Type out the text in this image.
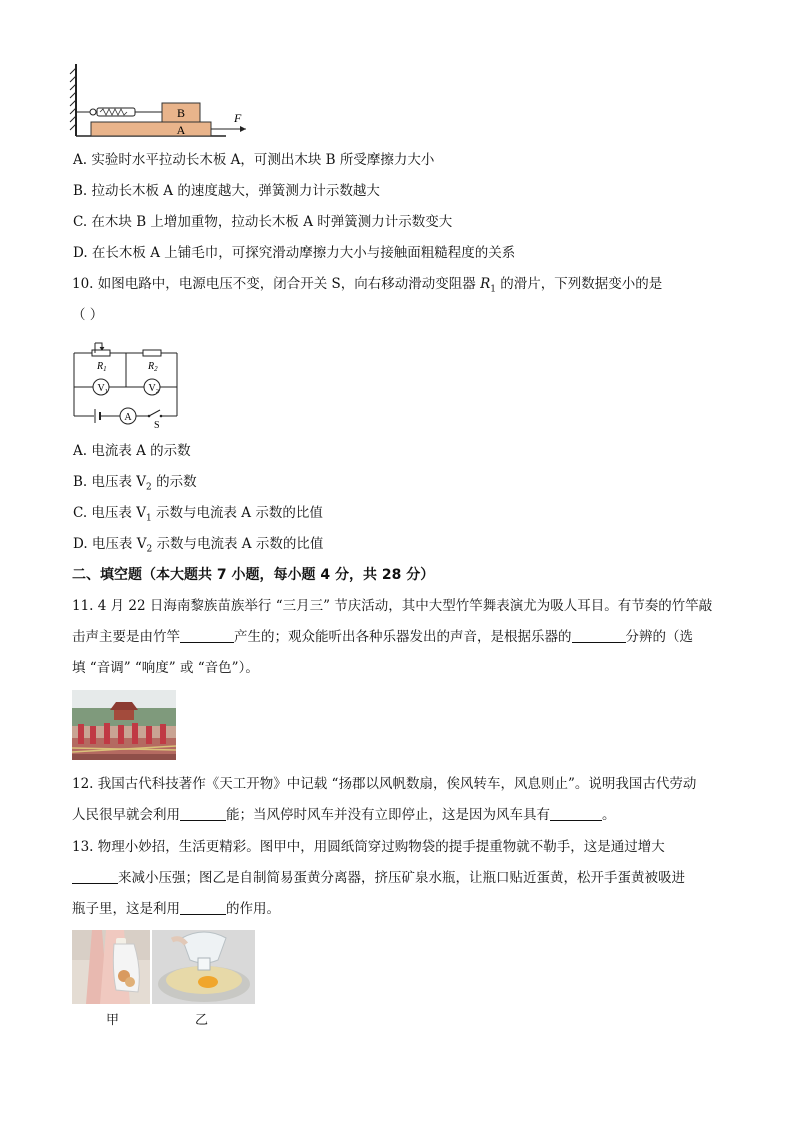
B
A
F
A. 实验时水平拉动长木板 A，可测出木块 B 所受摩擦力大小
B. 拉动长木板 A 的速度越大，弹簧测力计示数越大
C. 在木块 B 上增加重物，拉动长木板 A 时弹簧测力计示数变大
D. 在长木板 A 上铺毛巾，可探究滑动摩擦力大小与接触面粗糙程度的关系
10. 如图电路中，电源电压不变，闭合开关 S，向右移动滑动变阻器 $R_1$ 的滑片，下列数据变小的是
（ ）
$R_1$	$R_2$
$V_1$	$V_2$
A
S
A. 电流表 A 的示数
B. 电压表 $V_2$ 的示数
C. 电压表 $V_1$ 示数与电流表 A 示数的比值
D. 电压表 $V_2$ 示数与电流表 A 示数的比值
二、填空题（本大题共 7 小题，每小题 4 分，共 28 分）
11. 4 月 22 日海南黎族苗族举行 “三月三” 节庆活动，其中大型竹竿舞表演尤为吸人耳目。有节奏的竹竿敲
击声主要是由竹竿	产生的；观众能听出各种乐器发出的声音，是根据乐器的	分辨的（选
填 “音调” “响度” 或 “音色”）。
12. 我国古代科技著作《天工开物》中记载 “扬郡以风帆数扇，俟风转车，风息则止”。说明我国古代劳动
人民很早就会利用	能；当风停时风车并没有立即停止，这是因为风车具有	。
13. 物理小妙招，生活更精彩。图甲中，用圆纸筒穿过购物袋的提手提重物就不勒手，这是通过增大
来减小压强；图乙是自制简易蛋黄分离器，挤压矿泉水瓶，让瓶口贴近蛋黄，松开手蛋黄被吸进
瓶子里，这是利用	的作用。
甲	乙
